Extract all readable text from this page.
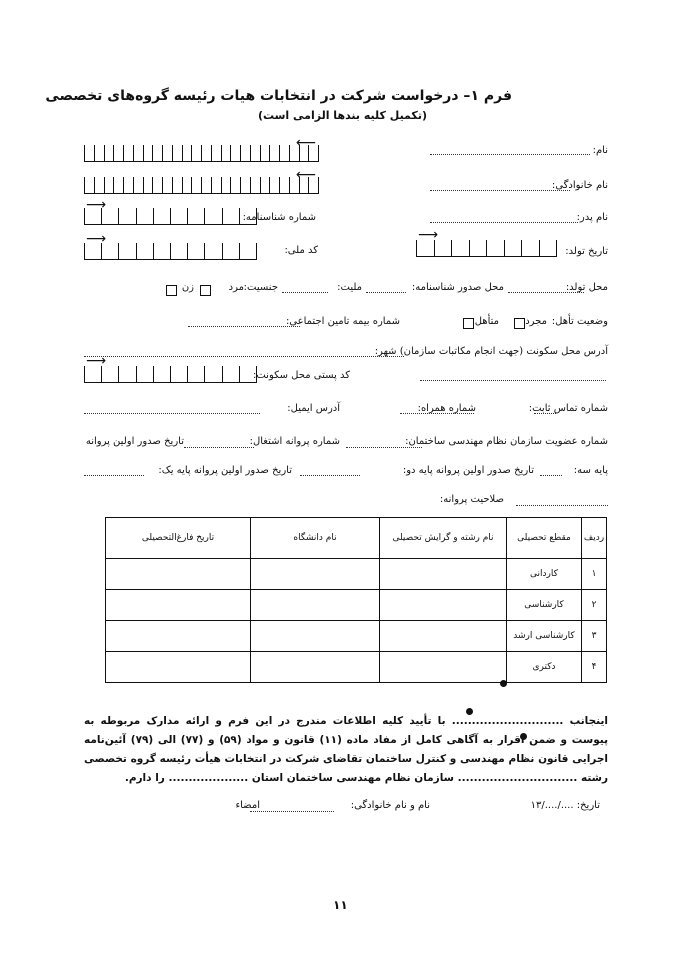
فرم ۱– درخواست شرکت در انتخابات هیات رئیسه گروه‌های تخصصی
(تکمیل کلیه بندها الزامی است)
⟵	نام:
⟵
نام خانوادگی:
⟶
شماره شناسنامه:	نام پدر:
⟶
کد ملی:
⟶
تاریخ تولد:
محل تولد:
محل صدور شناسنامه:
ملیت:
جنسیت:
مرد
زن
وضعیت تأهل:
مجرد
متأهل
شماره بیمه تامین اجتماعی:
آدرس محل سکونت (جهت انجام مکاتبات سازمان) شهر:
⟶
کد پستی محل سکونت:
شماره تماس ثابت:
شماره همراه:
آدرس ایمیل:
شماره عضویت سازمان نظام مهندسی ساختمان:
شماره پروانه اشتغال:
تاریخ صدور اولین پروانه
پایه سه:
تاریخ صدور اولین پروانه پایه دو:
تاریخ صدور اولین پروانه پایه یک:
صلاحیت پروانه:
ردیف	مقطع تحصیلی	نام رشته و گرایش تحصیلی	نام دانشگاه	تاریخ فارغ‌التحصیلی
۱	کاردانی			
۲	کارشناسی			
۳	کارشناسی ارشد			
۴	دکتری			
اینجانب ............................ با تأیید کلیه اطلاعات مندرج در این فرم و ارائه مدارک مربوطه به پیوست و ضمن اقرار به آگاهی کامل از مفاد ماده (۱۱) قانون و مواد (۵۹) و (۷۷) الی (۷۹) آئین‌نامه اجرایی قانون نظام مهندسی و کنترل ساختمان تقاضای شرکت در انتخابات هیأت رئیسه گروه تخصصی رشته .............................. سازمان نظام مهندسی ساختمان استان .................... را دارم.
تاریخ: ..../..../۱۳
نام و نام خانوادگی:
امضاء
۱۱
